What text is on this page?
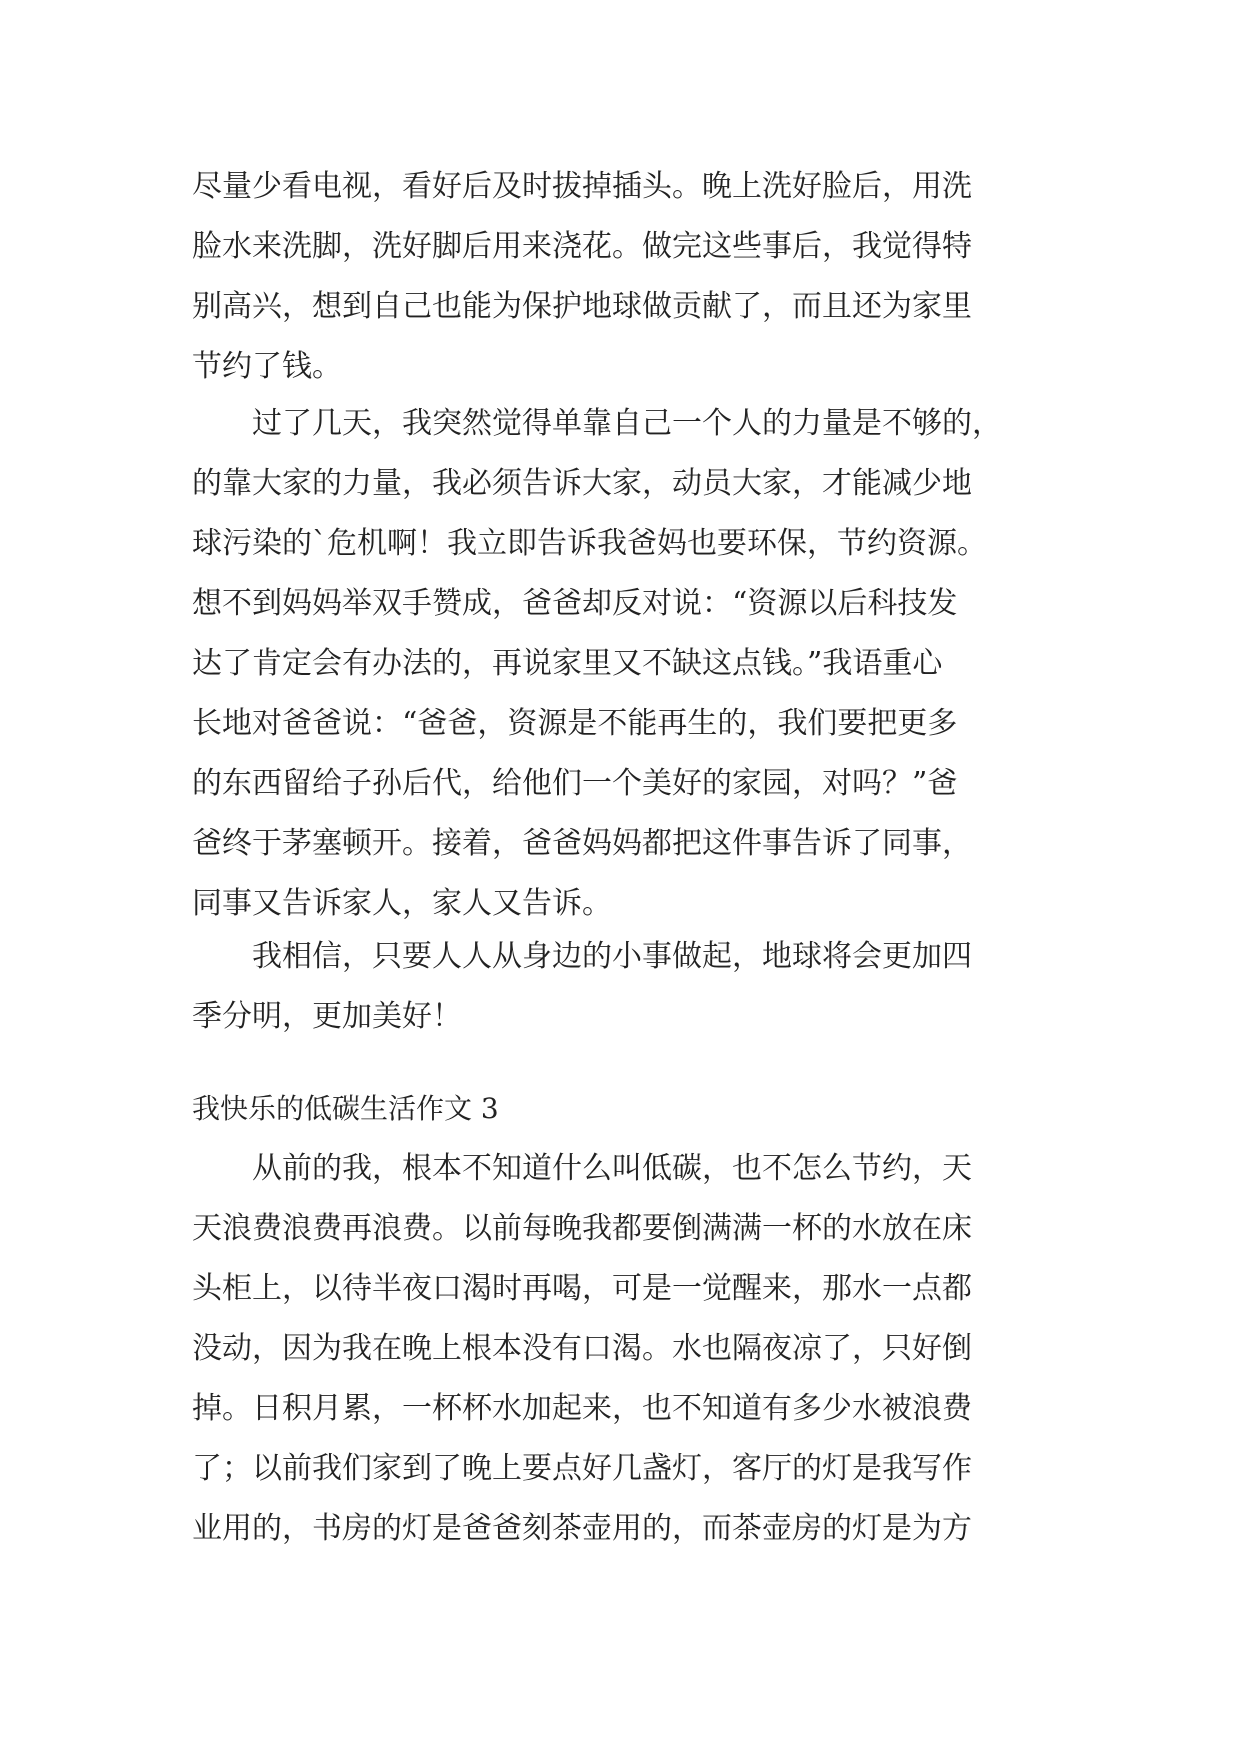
尽量少看电视，看好后及时拔掉插头。晚上洗好脸后，用洗
脸水来洗脚，洗好脚后用来浇花。做完这些事后，我觉得特
别高兴，想到自己也能为保护地球做贡献了，而且还为家里
节约了钱。
　　过了几天，我突然觉得单靠自己一个人的力量是不够的，
的靠大家的力量，我必须告诉大家，动员大家，才能减少地
球污染的`危机啊！我立即告诉我爸妈也要环保，节约资源。
想不到妈妈举双手赞成，爸爸却反对说：“资源以后科技发
达了肯定会有办法的，再说家里又不缺这点钱。”我语重心
长地对爸爸说：“爸爸，资源是不能再生的，我们要把更多
的东西留给子孙后代，给他们一个美好的家园，对吗？”爸
爸终于茅塞顿开。接着，爸爸妈妈都把这件事告诉了同事，
同事又告诉家人，家人又告诉。
　　我相信，只要人人从身边的小事做起，地球将会更加四
季分明，更加美好！
我快乐的低碳生活作文 3
　　从前的我，根本不知道什么叫低碳，也不怎么节约，天
天浪费浪费再浪费。以前每晚我都要倒满满一杯的水放在床
头柜上，以待半夜口渴时再喝，可是一觉醒来，那水一点都
没动，因为我在晚上根本没有口渴。水也隔夜凉了，只好倒
掉。日积月累，一杯杯水加起来，也不知道有多少水被浪费
了；以前我们家到了晚上要点好几盏灯，客厅的灯是我写作
业用的，书房的灯是爸爸刻茶壶用的，而茶壶房的灯是为方
